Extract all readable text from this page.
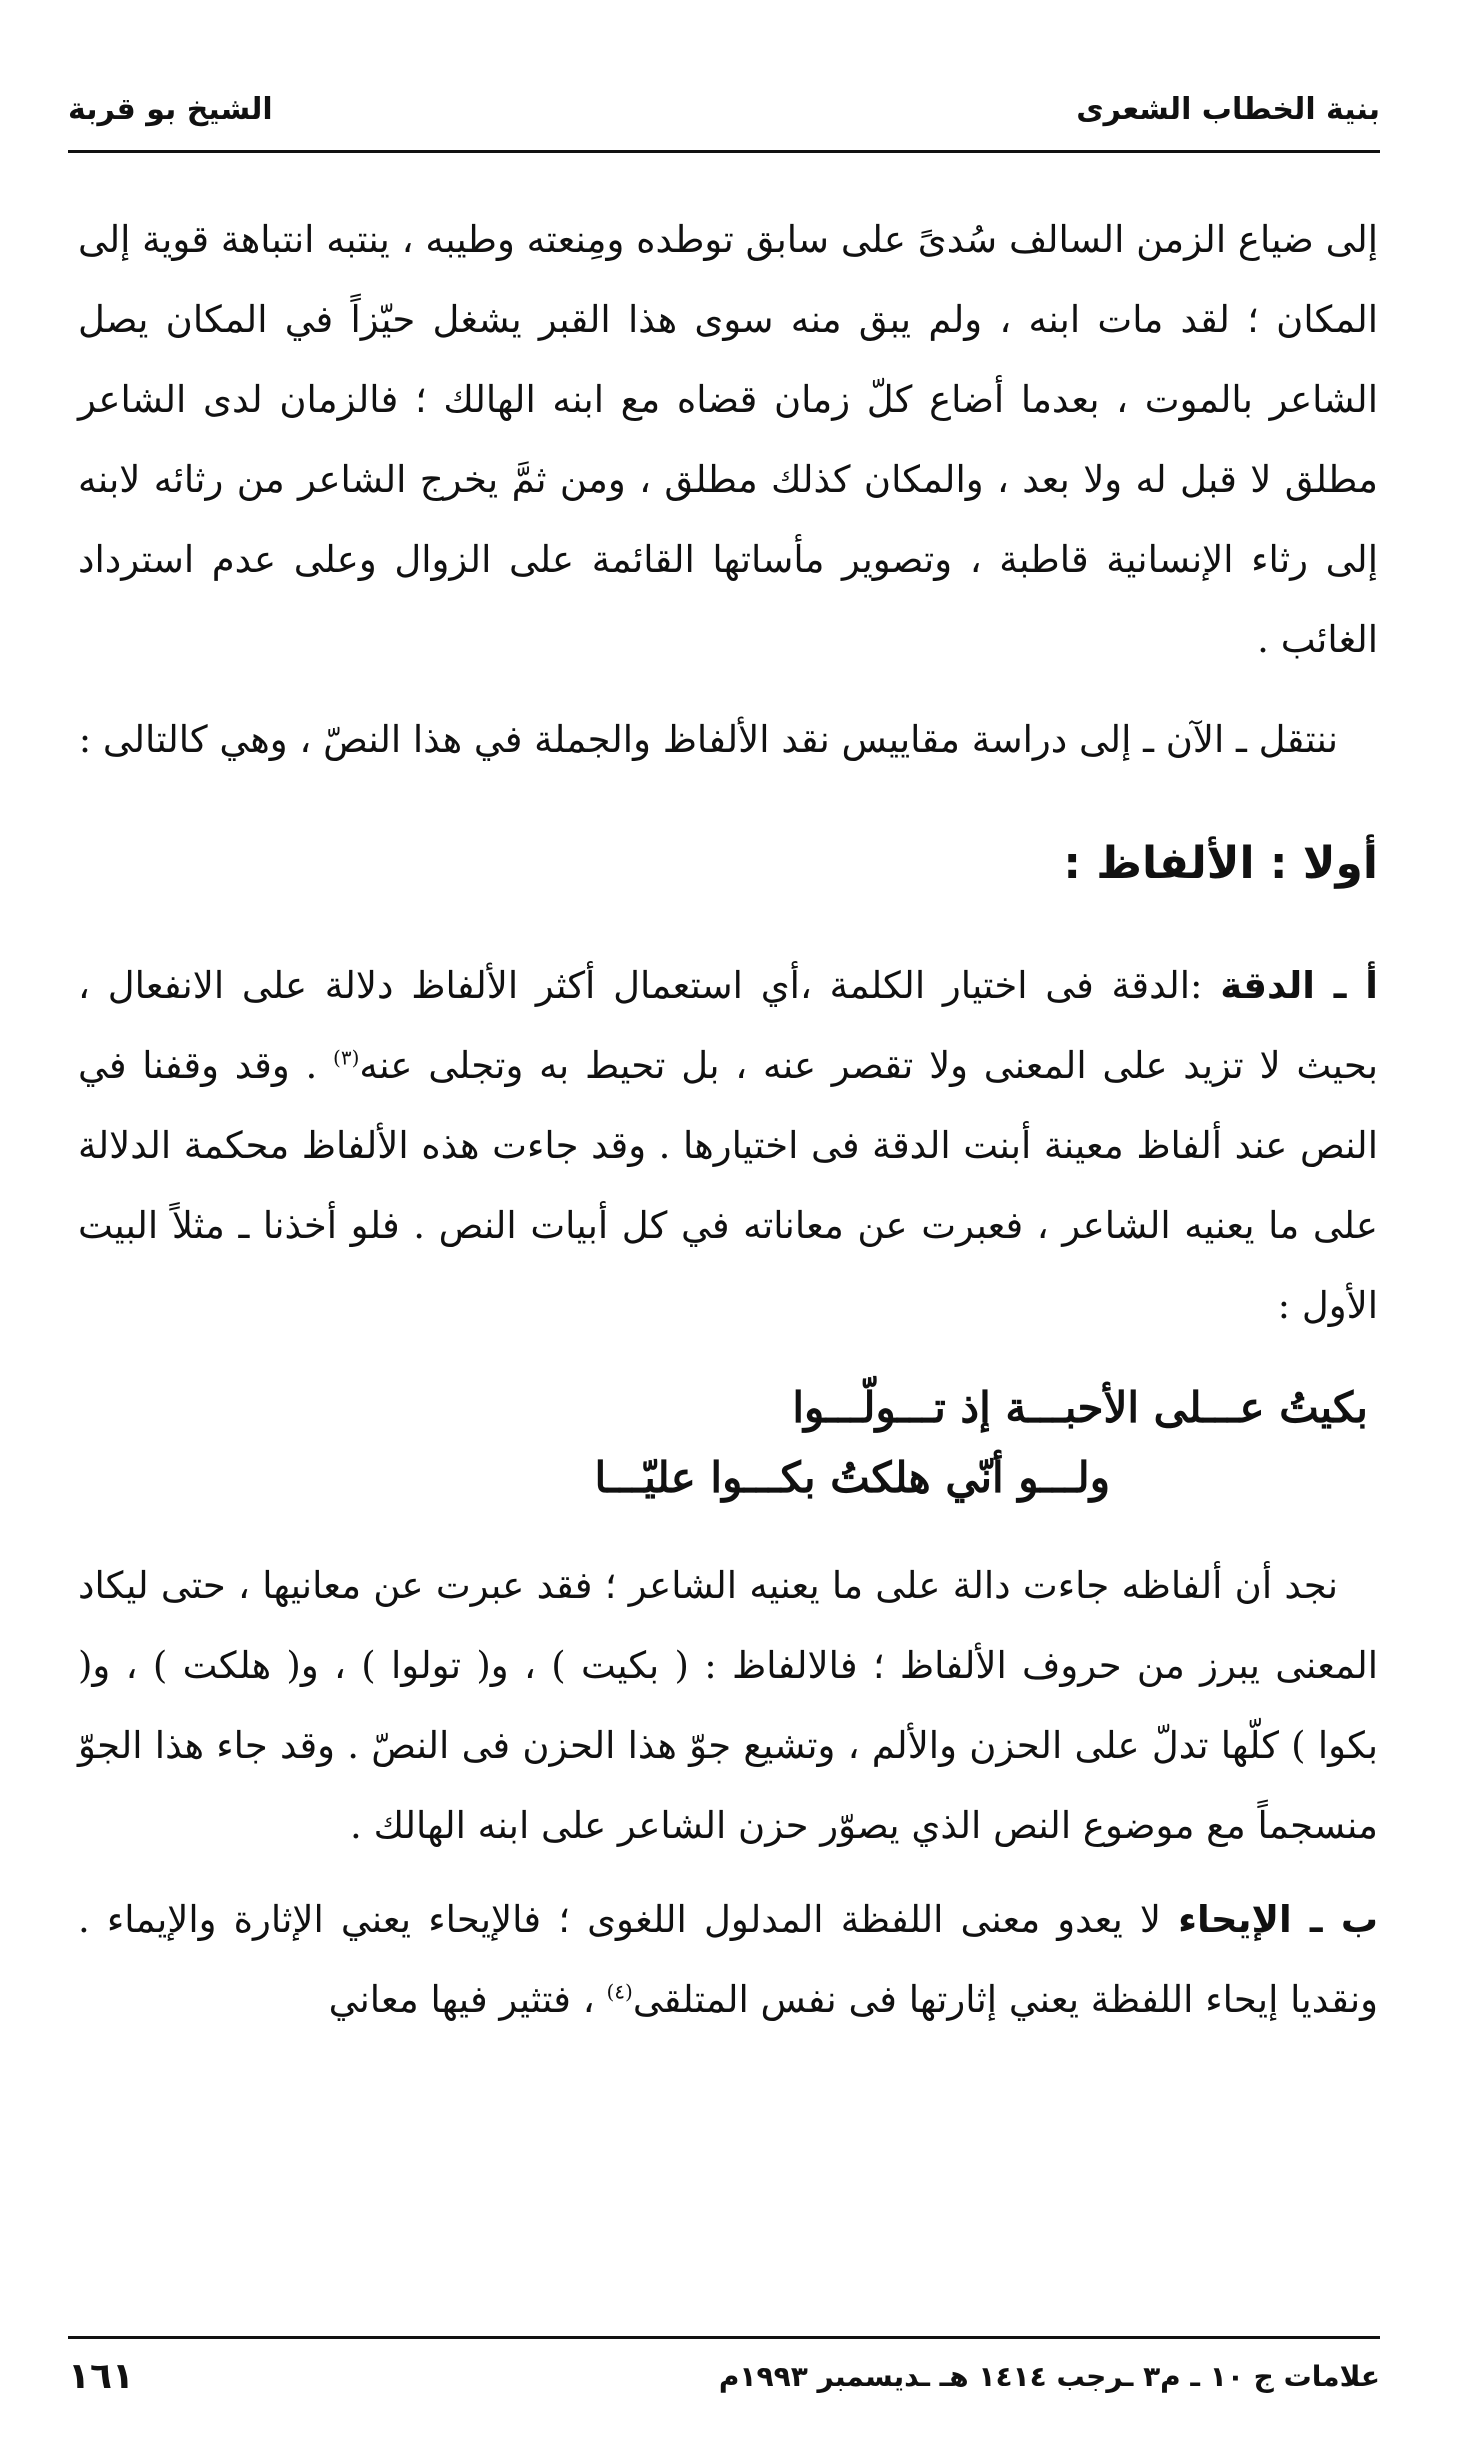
بنية الخطاب الشعرى
الشيخ بو قربة

إلى ضياع الزمن السالف سُدىً على سابق توطده ومِنعته وطيبه ، ينتبه انتباهة قوية إلى المكان ؛ لقد مات ابنه ، ولم يبق منه سوى هذا القبر يشغل حيّزاً في المكان يصل الشاعر بالموت ، بعدما أضاع كلّ زمان قضاه مع ابنه الهالك ؛ فالزمان لدى الشاعر مطلق لا قبل له ولا بعد ، والمكان كذلك مطلق ، ومن ثمَّ يخرج الشاعر من رثائه لابنه إلى رثاء الإنسانية قاطبة ، وتصوير مأساتها القائمة على الزوال وعلى عدم استرداد الغائب .

ننتقل ـ الآن ـ إلى دراسة مقاييس نقد الألفاظ والجملة في هذا النصّ ، وهي كالتالى :

أولا : الألفاظ :

أ ـ الدقة :الدقة فى اختيار الكلمة ،أي استعمال أكثر الألفاظ دلالة على الانفعال ، بحيث لا تزيد على المعنى ولا تقصر عنه ، بل تحيط به وتجلى عنه$^{(٣)}$ . وقد وقفنا في النص عند ألفاظ معينة أبنت الدقة فى اختيارها . وقد جاءت هذه الألفاظ محكمة الدلالة على ما يعنيه الشاعر ، فعبرت عن معاناته في كل أبيات النص . فلو أخذنا ـ مثلاً البيت الأول :

بكيتُ عـــلى الأحبـــة إذ تـــولّـــوا
ولـــو أنّي هلكتُ بكـــوا عليّـــا

نجد أن ألفاظه جاءت دالة على ما يعنيه الشاعر ؛ فقد عبرت عن معانيها ، حتى ليكاد المعنى يبرز من حروف الألفاظ ؛ فالالفاظ : ( بكيت ) ، و( تولوا ) ، و( هلكت ) ، و( بكوا ) كلّها تدلّ على الحزن والألم ، وتشيع جوّ هذا الحزن فى النصّ . وقد جاء هذا الجوّ منسجماً مع موضوع النص الذي يصوّر حزن الشاعر على ابنه الهالك .

ب ـ الإيحاء لا يعدو معنى اللفظة المدلول اللغوى ؛ فالإيحاء يعني الإثارة والإيماء . ونقديا إيحاء اللفظة يعني إثارتها فى نفس المتلقى$^{(٤)}$ ، فتثير فيها معاني

علامات ج ١٠ ـ م٣ ـرجب ١٤١٤ هـ ـديسمبر ١٩٩٣م
١٦١
